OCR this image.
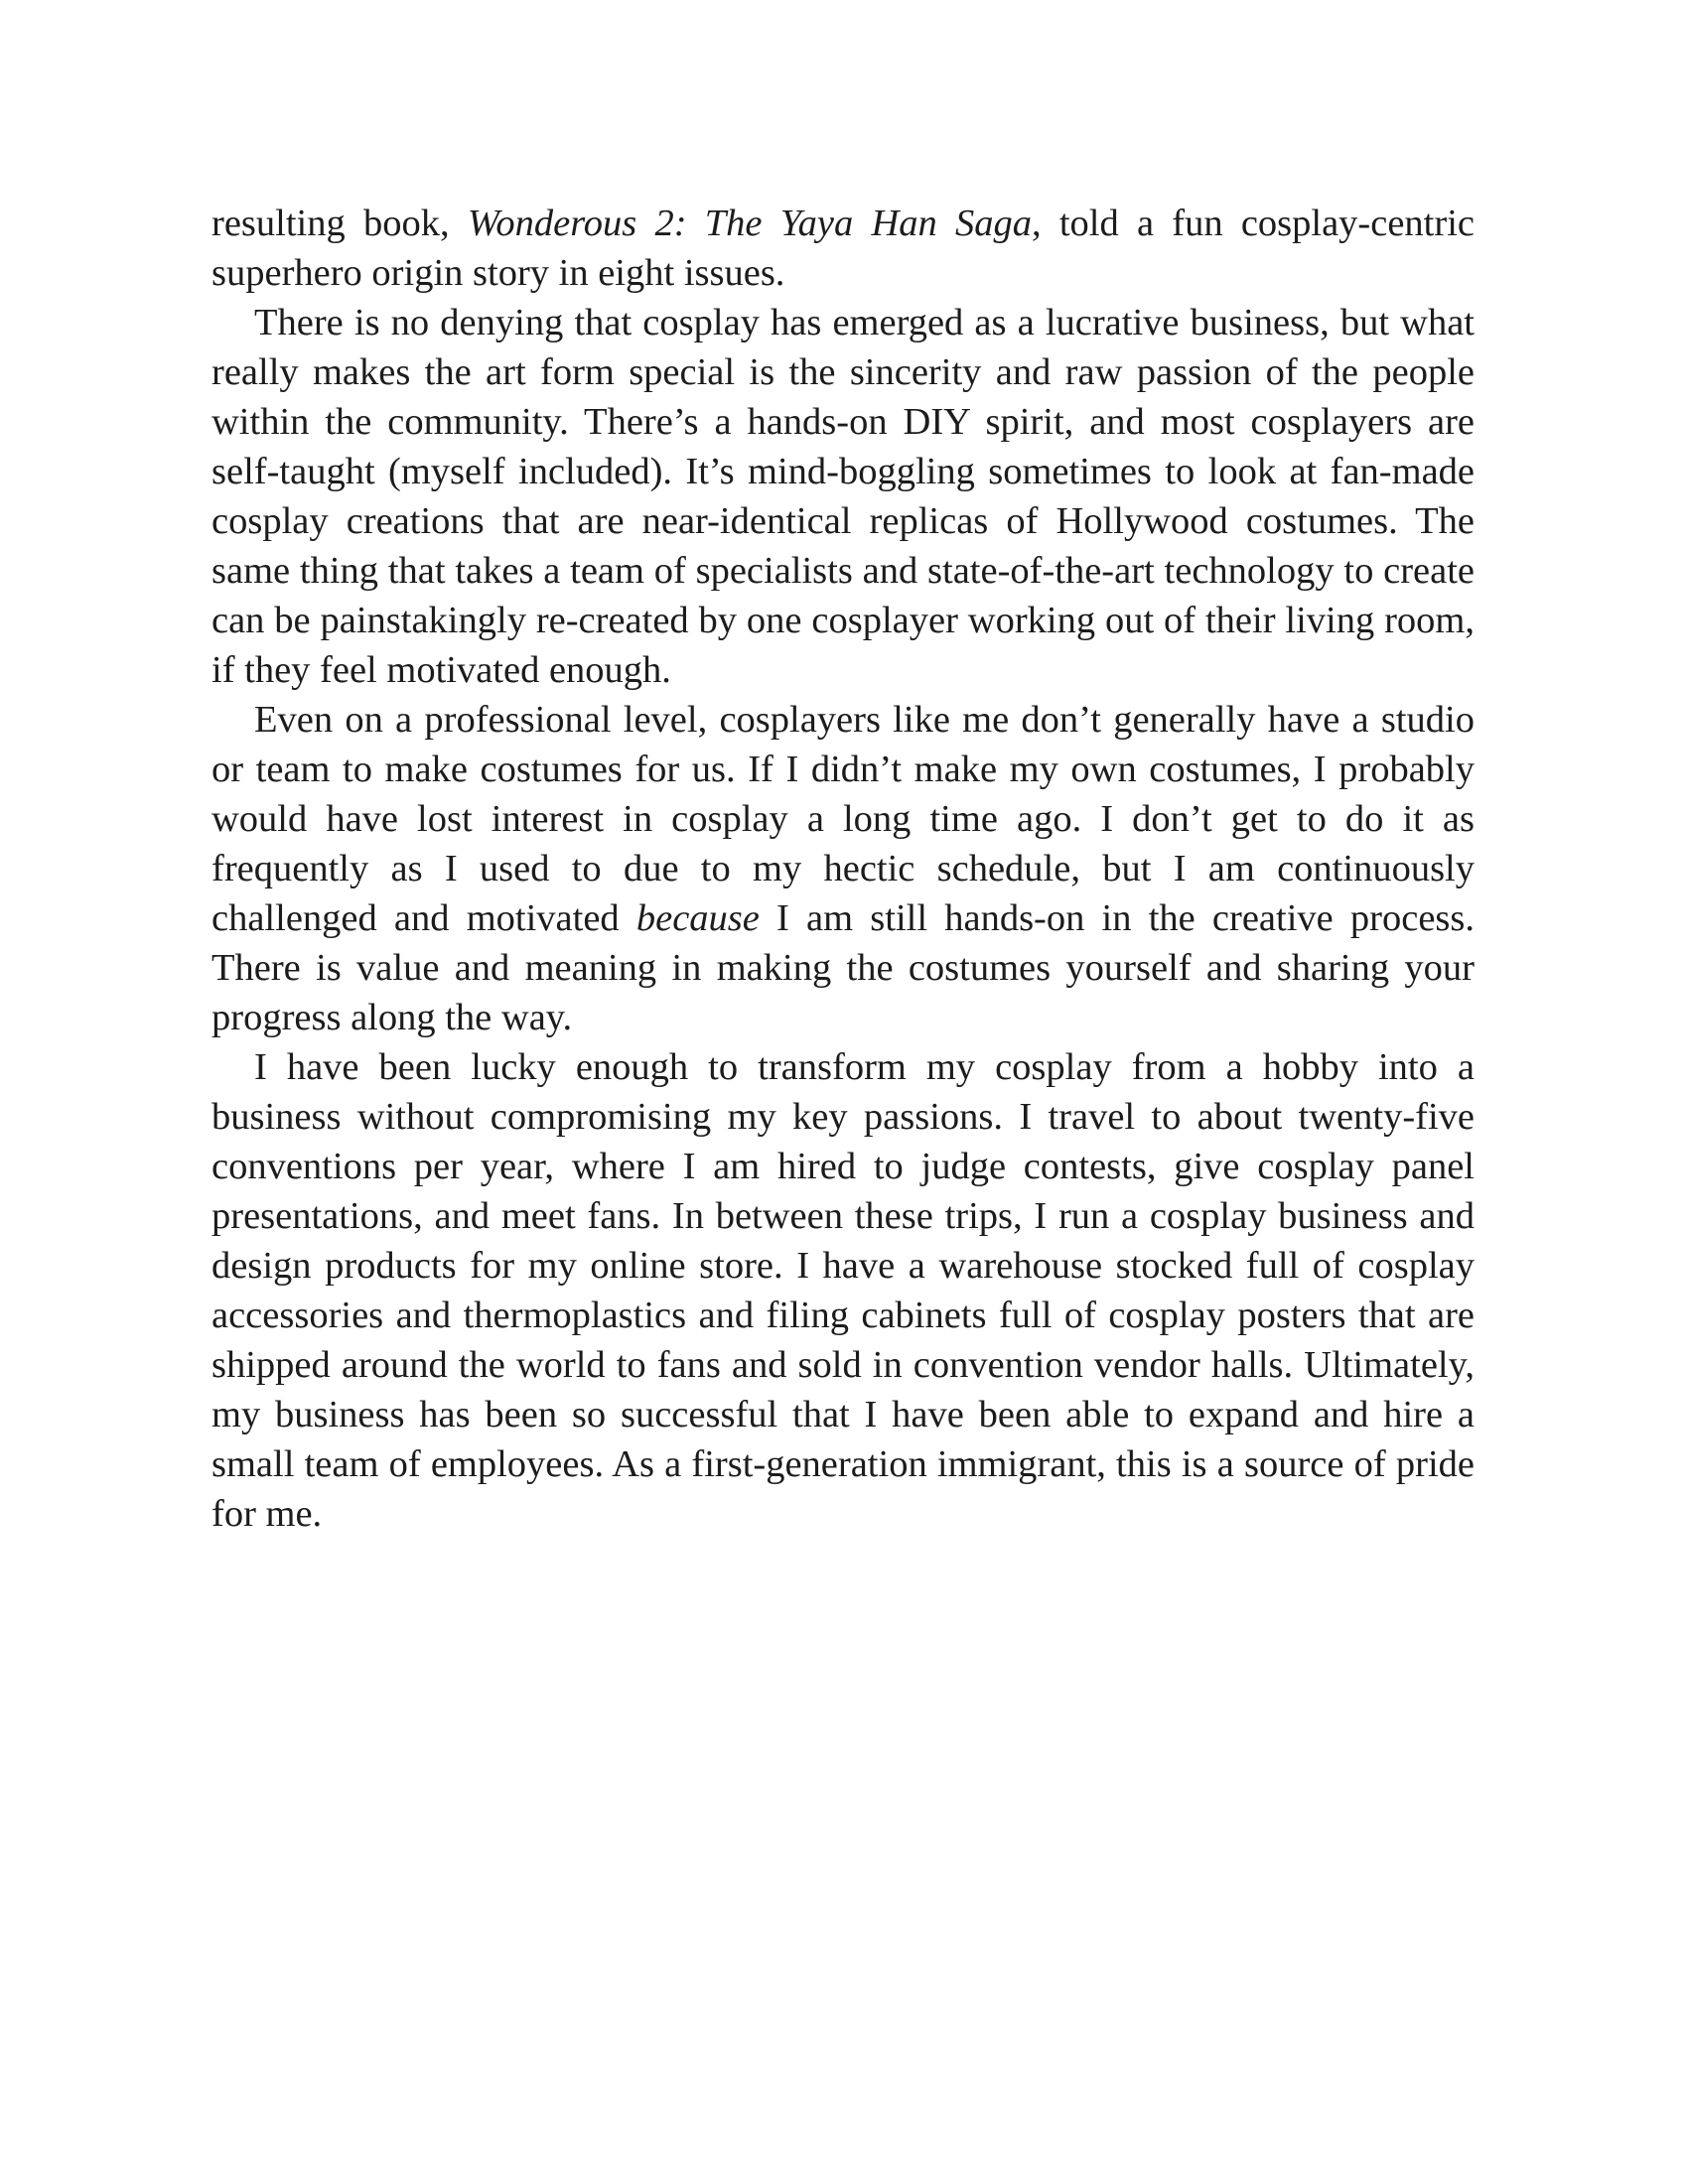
resulting book, Wonderous 2: The Yaya Han Saga, told a fun cosplay-centric superhero origin story in eight issues.

There is no denying that cosplay has emerged as a lucrative business, but what really makes the art form special is the sincerity and raw passion of the people within the community. There’s a hands-on DIY spirit, and most cosplayers are self-taught (myself included). It’s mind-boggling sometimes to look at fan-made cosplay creations that are near-identical replicas of Hollywood costumes. The same thing that takes a team of specialists and state-of-the-art technology to create can be painstakingly re-created by one cosplayer working out of their living room, if they feel motivated enough.

Even on a professional level, cosplayers like me don’t generally have a studio or team to make costumes for us. If I didn’t make my own costumes, I probably would have lost interest in cosplay a long time ago. I don’t get to do it as frequently as I used to due to my hectic schedule, but I am continuously challenged and motivated because I am still hands-on in the creative process. There is value and meaning in making the costumes yourself and sharing your progress along the way.

I have been lucky enough to transform my cosplay from a hobby into a business without compromising my key passions. I travel to about twenty-five conventions per year, where I am hired to judge contests, give cosplay panel presentations, and meet fans. In between these trips, I run a cosplay business and design products for my online store. I have a warehouse stocked full of cosplay accessories and thermoplastics and filing cabinets full of cosplay posters that are shipped around the world to fans and sold in convention vendor halls. Ultimately, my business has been so successful that I have been able to expand and hire a small team of employees. As a first-generation immigrant, this is a source of pride for me.
